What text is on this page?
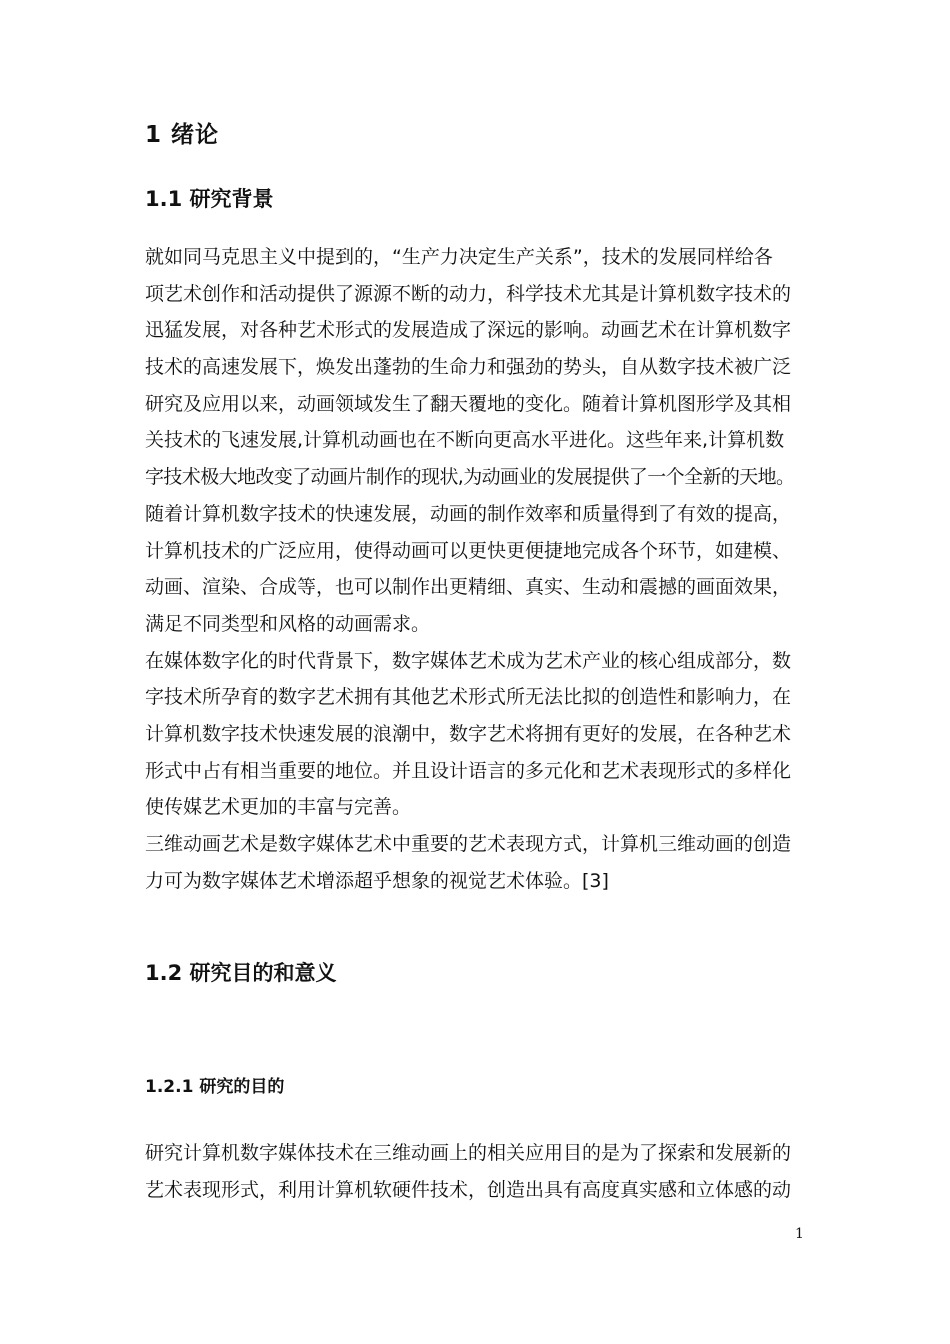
1 绪论
1.1 研究背景
就如同马克思主义中提到的，“生产力决定生产关系”，技术的发展同样给各
项艺术创作和活动提供了源源不断的动力，科学技术尤其是计算机数字技术的
迅猛发展，对各种艺术形式的发展造成了深远的影响。动画艺术在计算机数字
技术的高速发展下，焕发出蓬勃的生命力和强劲的势头，自从数字技术被广泛
研究及应用以来，动画领域发生了翻天覆地的变化。随着计算机图形学及其相
关技术的飞速发展,计算机动画也在不断向更高水平进化。这些年来,计算机数
字技术极大地改变了动画片制作的现状,为动画业的发展提供了一个全新的天地。
随着计算机数字技术的快速发展，动画的制作效率和质量得到了有效的提高，
计算机技术的广泛应用，使得动画可以更快更便捷地完成各个环节，如建模、
动画、渲染、合成等，也可以制作出更精细、真实、生动和震撼的画面效果，
满足不同类型和风格的动画需求。
在媒体数字化的时代背景下，数字媒体艺术成为艺术产业的核心组成部分，数
字技术所孕育的数字艺术拥有其他艺术形式所无法比拟的创造性和影响力，在
计算机数字技术快速发展的浪潮中，数字艺术将拥有更好的发展，在各种艺术
形式中占有相当重要的地位。并且设计语言的多元化和艺术表现形式的多样化
使传媒艺术更加的丰富与完善。
三维动画艺术是数字媒体艺术中重要的艺术表现方式，计算机三维动画的创造
力可为数字媒体艺术增添超乎想象的视觉艺术体验。[3]
1.2 研究目的和意义
1.2.1 研究的目的
研究计算机数字媒体技术在三维动画上的相关应用目的是为了探索和发展新的
艺术表现形式，利用计算机软硬件技术，创造出具有高度真实感和立体感的动
1
